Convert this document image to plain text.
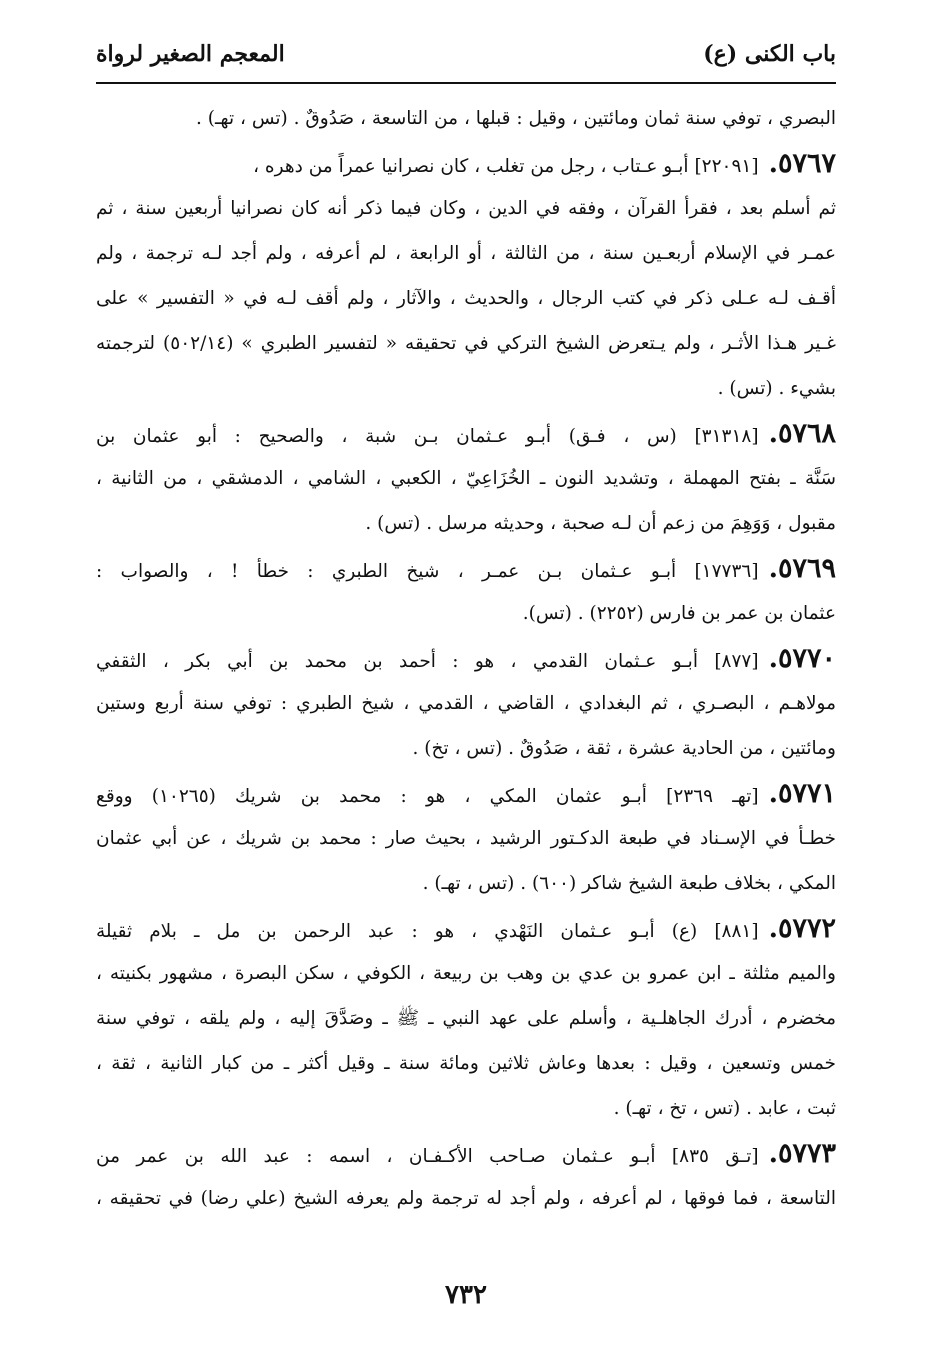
باب الكنى (ع)
المعجم الصغير لرواة
البصري ، توفي سنة ثمان ومائتين ، وقيل : قبلها ، من التاسعة ، صَدُوقٌ . (تس ، تهـ) .
٥٧٦٧.[٢٢٠٩١] أبـو عـتاب ، رجل من تغلب ، كان نصرانيا عمراً من دهره ،
ثم أسلم بعد ، فقرأ القرآن ، وفقه في الدين ، وكان فيما ذكر أنه كان نصرانيا أربعين سنة ، ثم
عمـر في الإسلام أربعـين سنة ، من الثالثة ، أو الرابعة ، لم أعرفه ، ولم أجد لـه ترجمة ، ولم
أقـف لـه عـلى ذكر في كتب الرجال ، والحديث ، والآثار ، ولم أقف لـه في « التفسير » على
غـير هـذا الأثـر ، ولم يـتعرض الشيخ التركي في تحقيقه « لتفسير الطبري » (٥٠٢/١٤) لترجمته
بشيء . (تس) .
٥٧٦٨.[٣١٣١٨] (س ، فـق) أبـو عـثمان بـن شبة ، والصحيح : أبو عثمان بن
سَنَّة ـ بفتح المهملة ، وتشديد النون ـ الخُزَاعِيّ ، الكعبي ، الشامي ، الدمشقي ، من الثانية ،
مقبول ، وَوَهِمَ من زعم أن لـه صحبة ، وحديثه مرسل . (تس) .
٥٧٦٩.[١٧٧٣٦] أبـو عـثمان بـن عمـر ، شيخ الطبري : خطأ ! ، والصواب :
عثمان بن عمر بن فارس (٢٢٥٢) . (تس).
٥٧٧٠.[٨٧٧] أبـو عـثمان القدمي ، هو : أحمد بن محمد بن أبي بكر ، الثقفي
مولاهـم ، البصـري ، ثم البغدادي ، القاضي ، القدمي ، شيخ الطبري : توفي سنة أربع وستين
ومائتين ، من الحادية عشرة ، ثقة ، صَدُوقٌ . (تس ، تخ) .
٥٧٧١.[تهـ ٢٣٦٩] أبـو عثمان المكي ، هو : محمد بن شريك (١٠٢٦٥) ووقع
خطـأ في الإسـناد في طبعة الدكـتور الرشيد ، بحيث صار : محمد بن شريك ، عن أبي عثمان
المكي ، بخلاف طبعة الشيخ شاكر (٦٠٠) . (تس ، تهـ) .
٥٧٧٢.[٨٨١] (ع) أبـو عـثمان النَهْدي ، هو : عبد الرحمن بن مل ـ بلام ثقيلة
والميم مثلثة ـ ابن عمرو بن عدي بن وهب بن ربيعة ، الكوفي ، سكن البصرة ، مشهور بكنيته ،
مخضرم ، أدرك الجاهلـية ، وأسلم على عهد النبي ـ ﷺ ـ وصَدَّقَ إليه ، ولم يلقه ، توفي سنة
خمس وتسعين ، وقيل : بعدها وعاش ثلاثين ومائة سنة ـ وقيل أكثر ـ من كبار الثانية ، ثقة ،
ثبت ، عابد . (تس ، تخ ، تهـ) .
٥٧٧٣.[تـق ٨٣٥] أبـو عـثمان صـاحب الأكـفـان ، اسمه : عبد الله بن عمر من
التاسعة ، فما فوقها ، لم أعرفه ، ولم أجد له ترجمة ولم يعرفه الشيخ (علي رضا) في تحقيقه ،
٧٣٢
